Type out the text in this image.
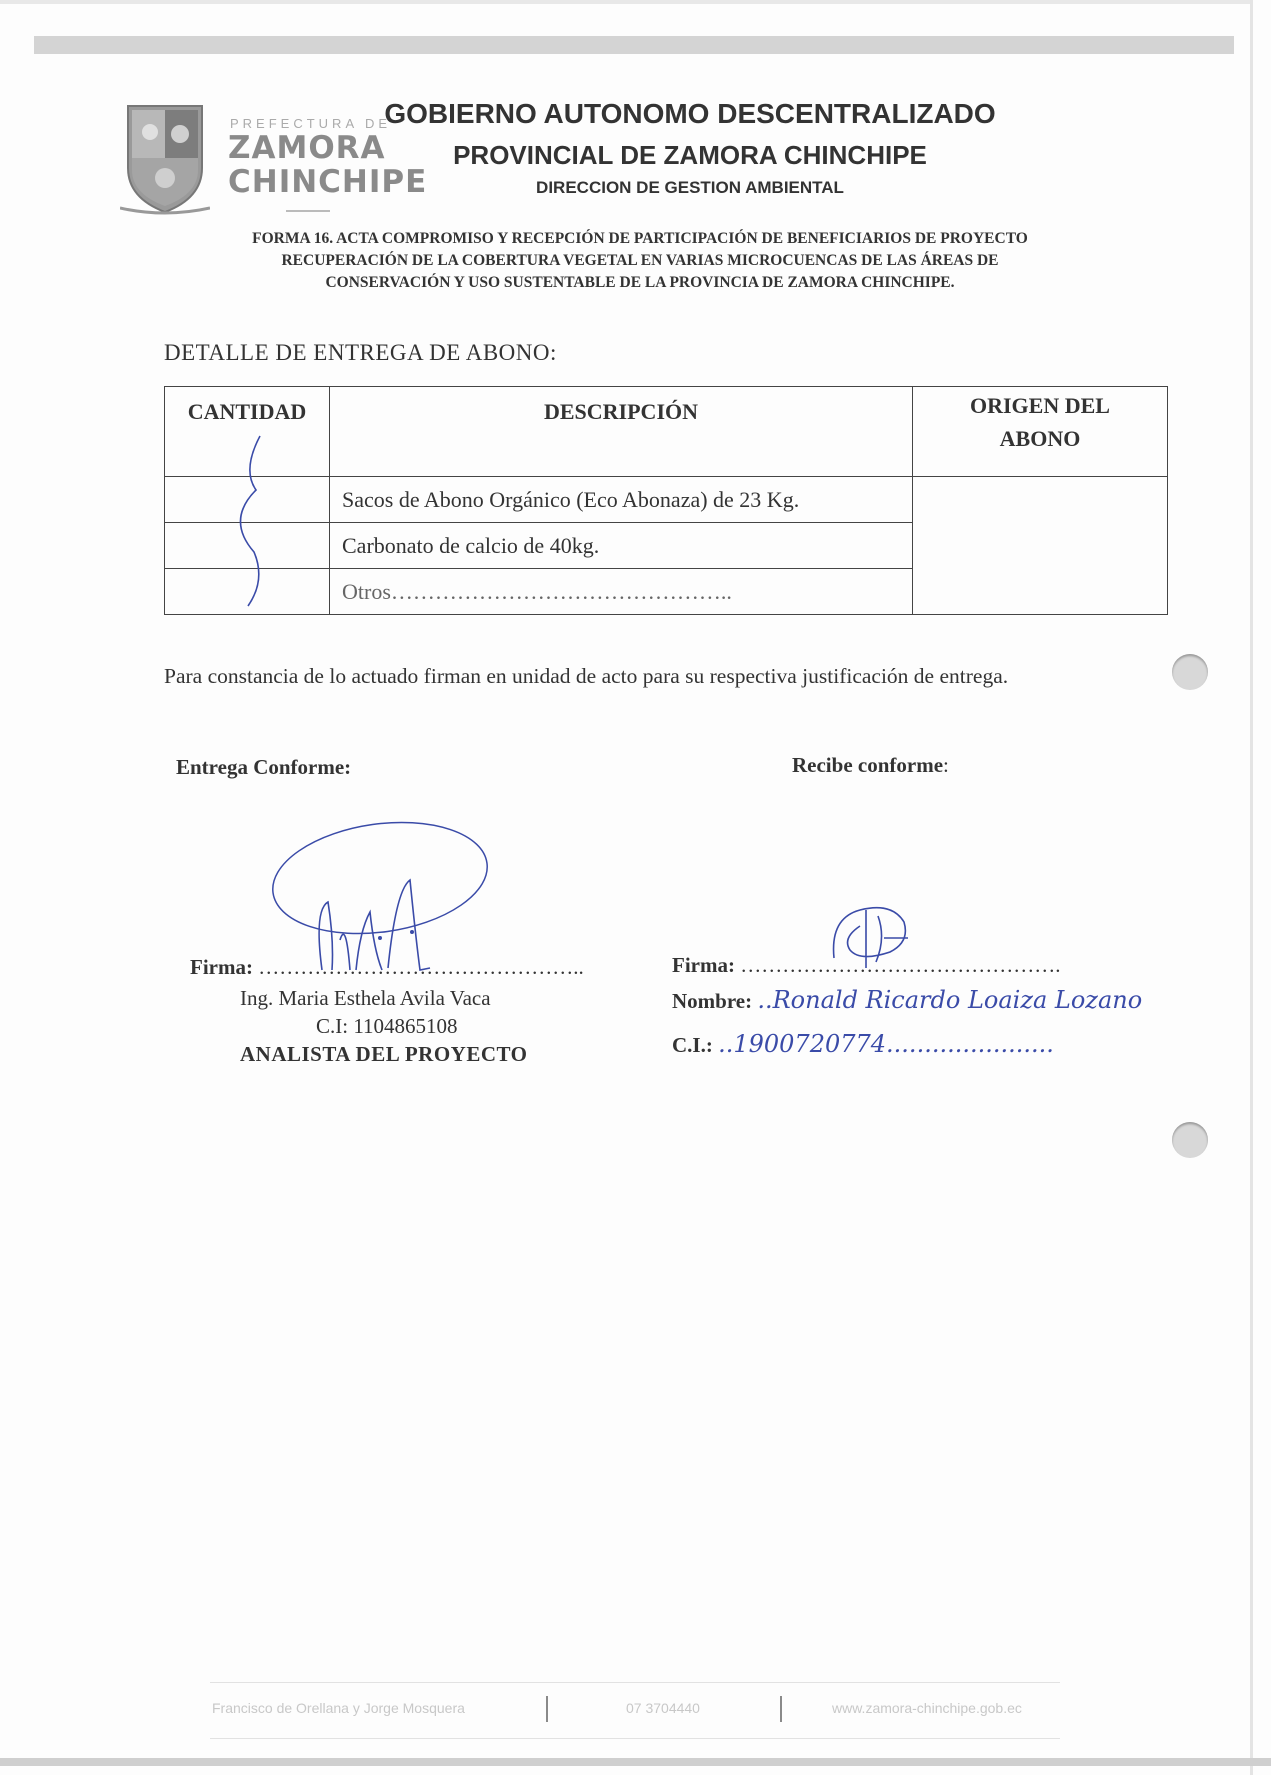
PREFECTURA DE
ZAMORA
CHINCHIPE
GOBIERNO AUTONOMO DESCENTRALIZADO
PROVINCIAL DE ZAMORA CHINCHIPE
DIRECCION DE GESTION AMBIENTAL
FORMA 16. ACTA COMPROMISO Y RECEPCIÓN DE PARTICIPACIÓN DE BENEFICIARIOS DE PROYECTO
RECUPERACIÓN DE LA COBERTURA VEGETAL EN VARIAS MICROCUENCAS DE LAS ÁREAS DE
CONSERVACIÓN Y USO SUSTENTABLE DE LA PROVINCIA DE ZAMORA CHINCHIPE.
DETALLE DE ENTREGA DE ABONO:
CANTIDAD	DESCRIPCIÓN	ORIGEN DEL ABONO
	Sacos de Abono Orgánico (Eco Abonaza) de 23 Kg.	
	Carbonato de calcio de 40kg.	
	Otros………………………………………..	
Para constancia de lo actuado firman en unidad de acto para su respectiva justificación de entrega.
Entrega Conforme:	Recibe conforme:
Firma: ………………………………………..
Ing. Maria Esthela Avila Vaca
C.I: 1104865108
ANALISTA DEL PROYECTO
Firma: ……………………………………….
Nombre: ..Ronald Ricardo Loaiza Lozano
C.I.: ..1900720774......................
Francisco de Orellana y Jorge Mosquera	07 3704440	www.zamora-chinchipe.gob.ec
